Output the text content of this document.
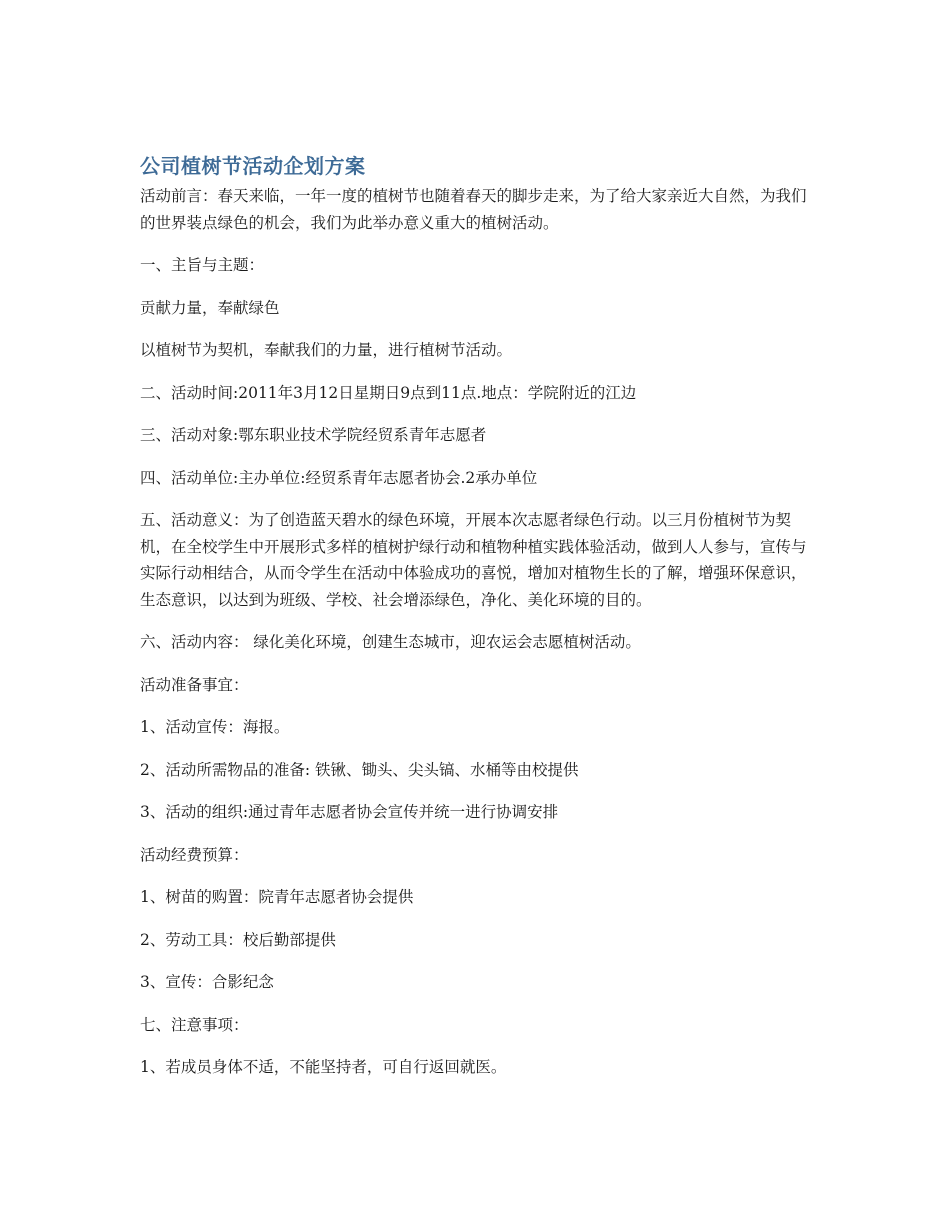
公司植树节活动企划方案

活动前言：春天来临，一年一度的植树节也随着春天的脚步走来，为了给大家亲近大自然，为我们的世界装点绿色的机会，我们为此举办意义重大的植树活动。

一、主旨与主题：

贡献力量，奉献绿色

以植树节为契机，奉献我们的力量，进行植树节活动。

二、活动时间:2011年3月12日星期日9点到11点.地点：学院附近的江边

三、活动对象:鄂东职业技术学院经贸系青年志愿者

四、活动单位:主办单位:经贸系青年志愿者协会.2承办单位

五、活动意义：为了创造蓝天碧水的绿色环境，开展本次志愿者绿色行动。以三月份植树节为契机，在全校学生中开展形式多样的植树护绿行动和植物种植实践体验活动，做到人人参与，宣传与实际行动相结合，从而令学生在活动中体验成功的喜悦，增加对植物生长的了解，增强环保意识，生态意识，以达到为班级、学校、社会增添绿色，净化、美化环境的目的。

六、活动内容： 绿化美化环境，创建生态城市，迎农运会志愿植树活动。

活动准备事宜：

1、活动宣传：海报。

2、活动所需物品的准备: 铁锹、锄头、尖头镐、水桶等由校提供

3、活动的组织:通过青年志愿者协会宣传并统一进行协调安排

活动经费预算：

1、树苗的购置：院青年志愿者协会提供

2、劳动工具：校后勤部提供

3、宣传：合影纪念

七、注意事项：

1、若成员身体不适，不能坚持者，可自行返回就医。
